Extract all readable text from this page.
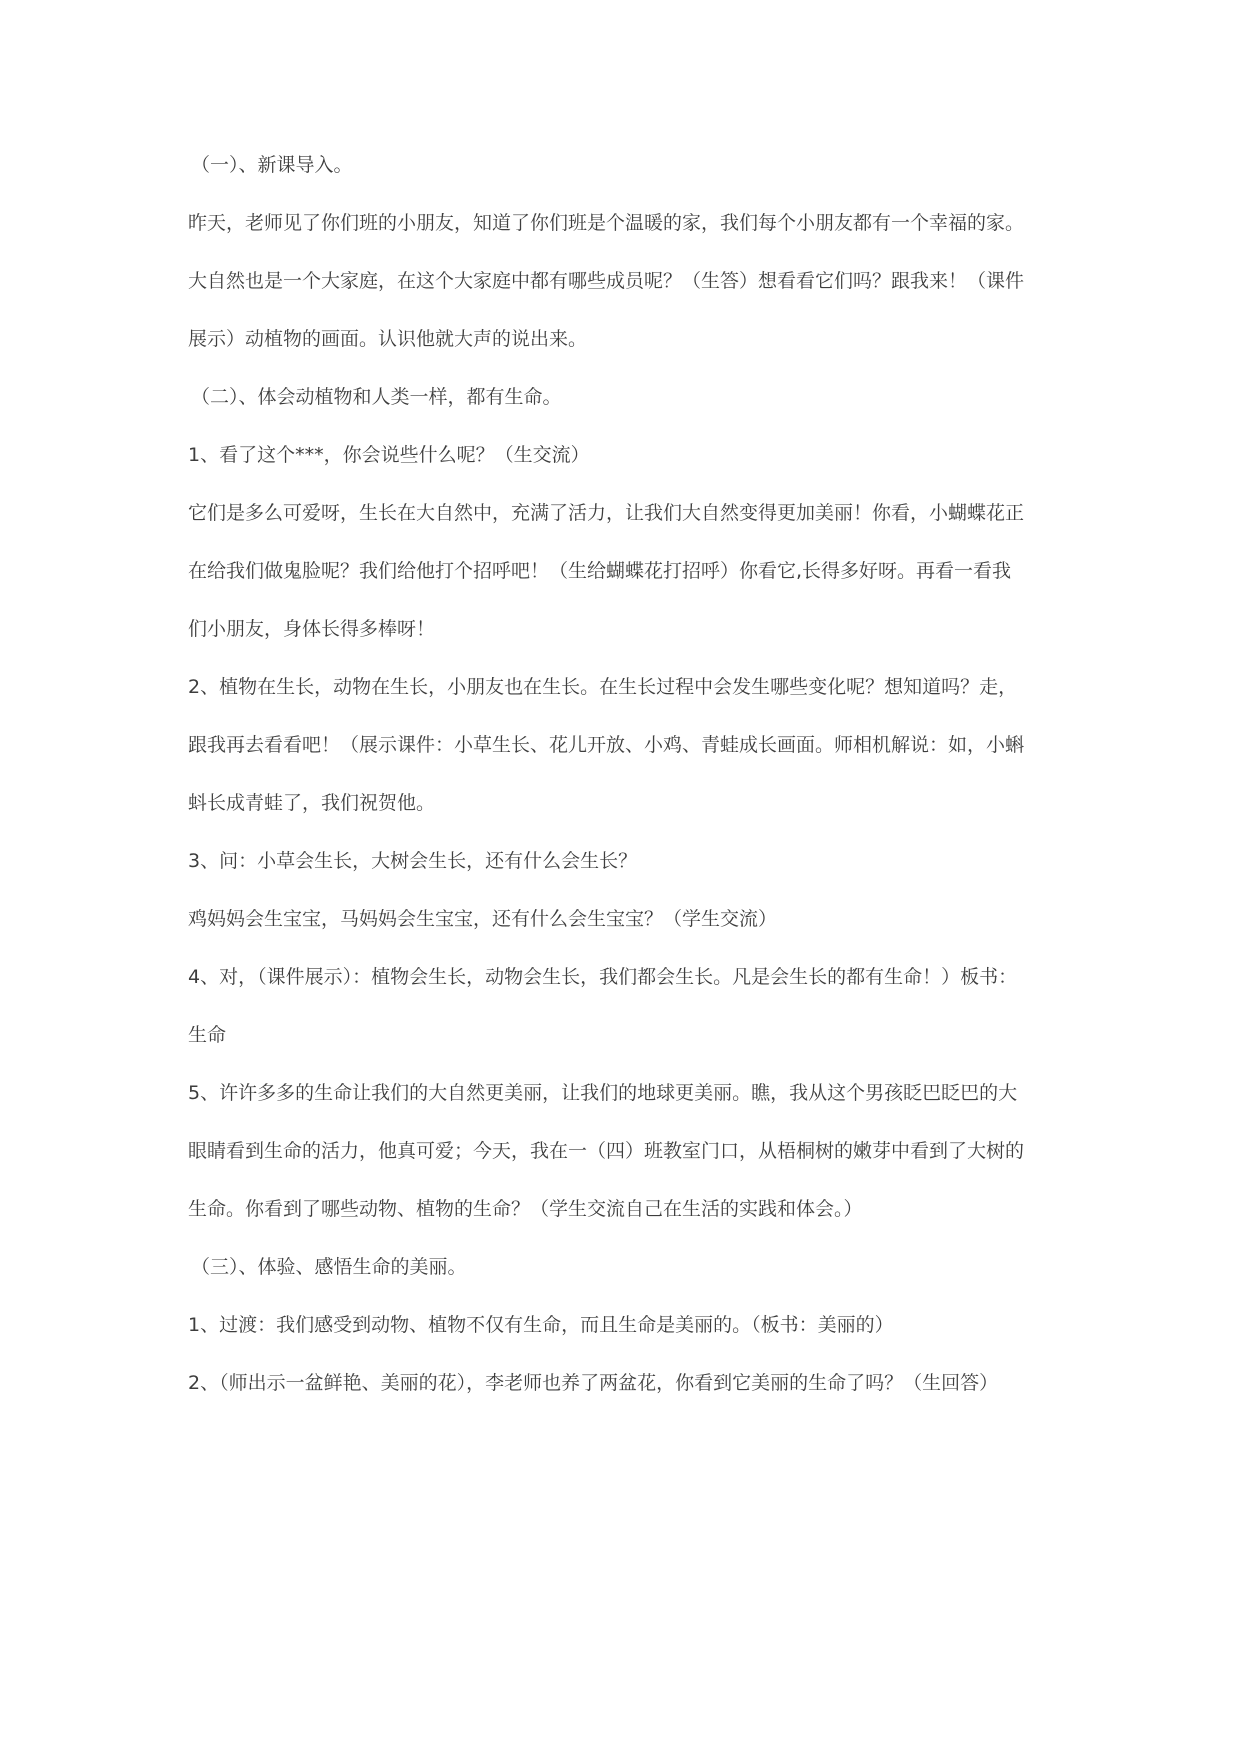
（一）、新课导入。
昨天，老师见了你们班的小朋友，知道了你们班是个温暖的家，我们每个小朋友都有一个幸福的家。
大自然也是一个大家庭，在这个大家庭中都有哪些成员呢？（生答）想看看它们吗？跟我来！（课件
展示）动植物的画面。认识他就大声的说出来。
（二）、体会动植物和人类一样，都有生命。
1、看了这个***，你会说些什么呢？（生交流）
它们是多么可爱呀，生长在大自然中，充满了活力，让我们大自然变得更加美丽！你看，小蝴蝶花正
在给我们做鬼脸呢？我们给他打个招呼吧！（生给蝴蝶花打招呼）你看它,长得多好呀。再看一看我
们小朋友，身体长得多棒呀！
2、植物在生长，动物在生长，小朋友也在生长。在生长过程中会发生哪些变化呢？想知道吗？走，
跟我再去看看吧！（展示课件：小草生长、花儿开放、小鸡、青蛙成长画面。师相机解说：如，小蝌
蚪长成青蛙了，我们祝贺他。
3、问：小草会生长，大树会生长，还有什么会生长？
鸡妈妈会生宝宝，马妈妈会生宝宝，还有什么会生宝宝？（学生交流）
4、对，（课件展示）：植物会生长，动物会生长，我们都会生长。凡是会生长的都有生命！）板书：
生命
5、许许多多的生命让我们的大自然更美丽，让我们的地球更美丽。瞧，我从这个男孩眨巴眨巴的大
眼睛看到生命的活力，他真可爱；今天，我在一（四）班教室门口，从梧桐树的嫩芽中看到了大树的
生命。你看到了哪些动物、植物的生命？（学生交流自己在生活的实践和体会。）
（三）、体验、感悟生命的美丽。
1、过渡：我们感受到动物、植物不仅有生命，而且生命是美丽的。（板书：美丽的）
2、（师出示一盆鲜艳、美丽的花），李老师也养了两盆花，你看到它美丽的生命了吗？（生回答）
